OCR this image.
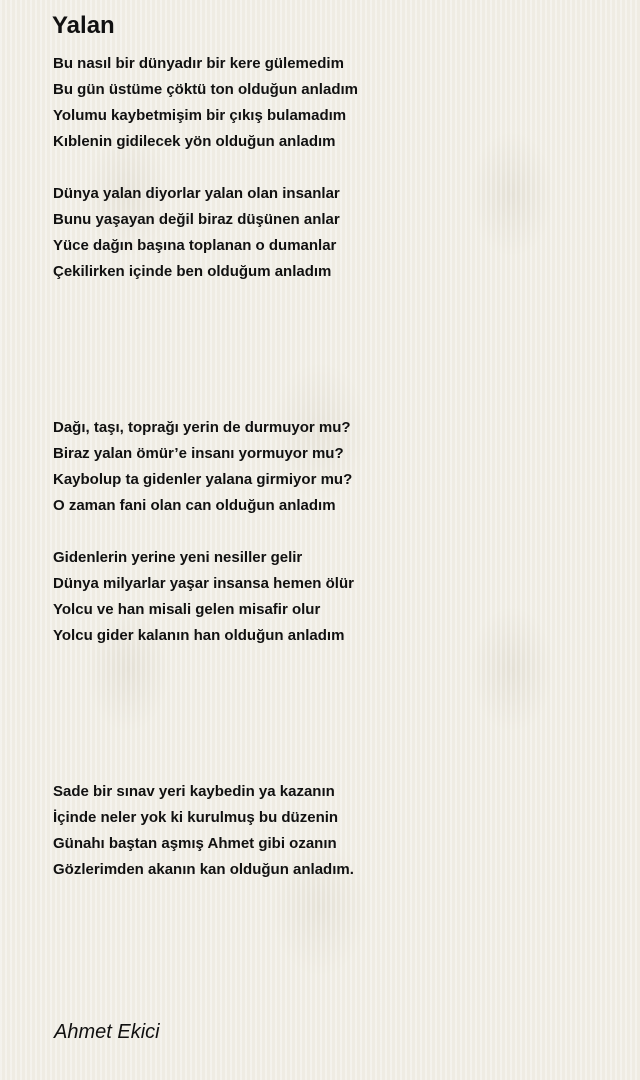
Yalan
Bu nasıl bir dünyadır bir kere gülemedim
Bu gün üstüme çöktü ton olduğun anladım
Yolumu kaybetmişim bir çıkış bulamadım
Kıblenin gidilecek yön olduğun anladım
Dünya yalan diyorlar yalan olan insanlar
Bunu yaşayan değil biraz düşünen anlar
Yüce dağın başına toplanan o dumanlar
Çekilirken içinde ben olduğum anladım
Dağı, taşı, toprağı yerin de durmuyor mu?
Biraz yalan ömür’e insanı yormuyor mu?
Kaybolup ta gidenler yalana girmiyor mu?
O zaman fani olan can olduğun anladım
Gidenlerin yerine yeni nesiller gelir
Dünya milyarlar yaşar insansa hemen ölür
Yolcu ve han misali gelen misafir olur
Yolcu gider kalanın han olduğun anladım
Sade bir sınav yeri kaybedin ya kazanın
İçinde neler yok ki kurulmuş bu düzenin
Günahı baştan aşmış Ahmet gibi ozanın
Gözlerimden akanın kan olduğun anladım.
Ahmet Ekici
